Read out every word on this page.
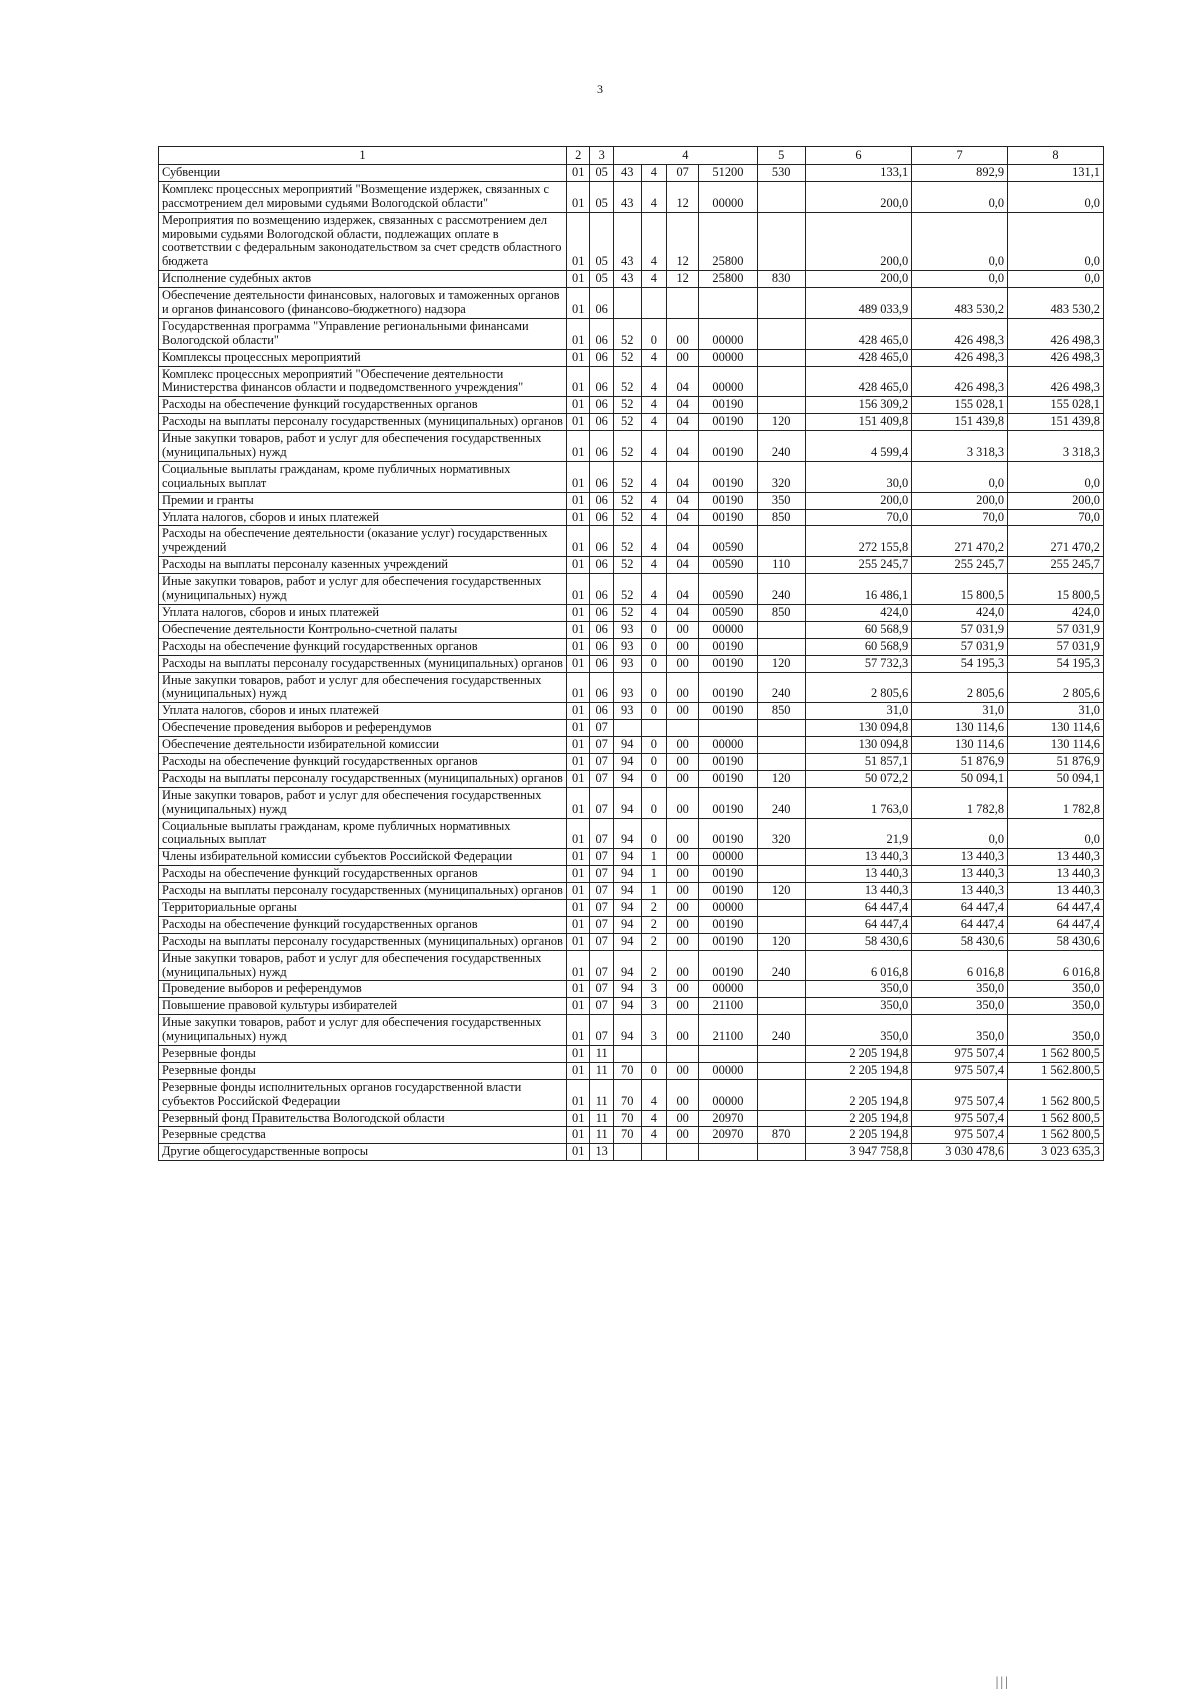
3
1	2	3	4				5	6	7	8
Субвенции	01	05	43	4	07	51200	530	133,1	892,9	131,1
Комплекс процессных мероприятий "Возмещение издержек, связанных с рассмотрением дел мировыми судьями Вологодской области"	01	05	43	4	12	00000		200,0	0,0	0,0
Мероприятия по возмещению издержек, связанных с рассмотрением дел мировыми судьями Вологодской области, подлежащих оплате в соответствии с федеральным законодательством за счет средств областного бюджета	01	05	43	4	12	25800		200,0	0,0	0,0
Исполнение судебных актов	01	05	43	4	12	25800	830	200,0	0,0	0,0
Обеспечение деятельности финансовых, налоговых и таможенных органов и органов финансового (финансово-бюджетного) надзора	01	06						489 033,9	483 530,2	483 530,2
Государственная программа "Управление региональными финансами Вологодской области"	01	06	52	0	00	00000		428 465,0	426 498,3	426 498,3
Комплексы процессных мероприятий	01	06	52	4	00	00000		428 465,0	426 498,3	426 498,3
Комплекс процессных мероприятий "Обеспечение деятельности Министерства финансов области и подведомственного учреждения"	01	06	52	4	04	00000		428 465,0	426 498,3	426 498,3
Расходы на обеспечение функций государственных органов	01	06	52	4	04	00190		156 309,2	155 028,1	155 028,1
Расходы на выплаты персоналу государственных (муниципальных) органов	01	06	52	4	04	00190	120	151 409,8	151 439,8	151 439,8
Иные закупки товаров, работ и услуг для обеспечения государственных (муниципальных) нужд	01	06	52	4	04	00190	240	4 599,4	3 318,3	3 318,3
Социальные выплаты гражданам, кроме публичных нормативных социальных выплат	01	06	52	4	04	00190	320	30,0	0,0	0,0
Премии и гранты	01	06	52	4	04	00190	350	200,0	200,0	200,0
Уплата налогов, сборов и иных платежей	01	06	52	4	04	00190	850	70,0	70,0	70,0
Расходы на обеспечение деятельности (оказание услуг) государственных учреждений	01	06	52	4	04	00590		272 155,8	271 470,2	271 470,2
Расходы на выплаты персоналу казенных учреждений	01	06	52	4	04	00590	110	255 245,7	255 245,7	255 245,7
Иные закупки товаров, работ и услуг для обеспечения государственных (муниципальных) нужд	01	06	52	4	04	00590	240	16 486,1	15 800,5	15 800,5
Уплата налогов, сборов и иных платежей	01	06	52	4	04	00590	850	424,0	424,0	424,0
Обеспечение деятельности Контрольно-счетной палаты	01	06	93	0	00	00000		60 568,9	57 031,9	57 031,9
Расходы на обеспечение функций государственных органов	01	06	93	0	00	00190		60 568,9	57 031,9	57 031,9
Расходы на выплаты персоналу государственных (муниципальных) органов	01	06	93	0	00	00190	120	57 732,3	54 195,3	54 195,3
Иные закупки товаров, работ и услуг для обеспечения государственных (муниципальных) нужд	01	06	93	0	00	00190	240	2 805,6	2 805,6	2 805,6
Уплата налогов, сборов и иных платежей	01	06	93	0	00	00190	850	31,0	31,0	31,0
Обеспечение проведения выборов и референдумов	01	07						130 094,8	130 114,6	130 114,6
Обеспечение деятельности избирательной комиссии	01	07	94	0	00	00000		130 094,8	130 114,6	130 114,6
Расходы на обеспечение функций государственных органов	01	07	94	0	00	00190		51 857,1	51 876,9	51 876,9
Расходы на выплаты персоналу государственных (муниципальных) органов	01	07	94	0	00	00190	120	50 072,2	50 094,1	50 094,1
Иные закупки товаров, работ и услуг для обеспечения государственных (муниципальных) нужд	01	07	94	0	00	00190	240	1 763,0	1 782,8	1 782,8
Социальные выплаты гражданам, кроме публичных нормативных социальных выплат	01	07	94	0	00	00190	320	21,9	0,0	0,0
Члены избирательной комиссии субъектов Российской Федерации	01	07	94	1	00	00000		13 440,3	13 440,3	13 440,3
Расходы на обеспечение функций государственных органов	01	07	94	1	00	00190		13 440,3	13 440,3	13 440,3
Расходы на выплаты персоналу государственных (муниципальных) органов	01	07	94	1	00	00190	120	13 440,3	13 440,3	13 440,3
Территориальные органы	01	07	94	2	00	00000		64 447,4	64 447,4	64 447,4
Расходы на обеспечение функций государственных органов	01	07	94	2	00	00190		64 447,4	64 447,4	64 447,4
Расходы на выплаты персоналу государственных (муниципальных) органов	01	07	94	2	00	00190	120	58 430,6	58 430,6	58 430,6
Иные закупки товаров, работ и услуг для обеспечения государственных (муниципальных) нужд	01	07	94	2	00	00190	240	6 016,8	6 016,8	6 016,8
Проведение выборов и референдумов	01	07	94	3	00	00000		350,0	350,0	350,0
Повышение правовой культуры избирателей	01	07	94	3	00	21100		350,0	350,0	350,0
Иные закупки товаров, работ и услуг для обеспечения государственных (муниципальных) нужд	01	07	94	3	00	21100	240	350,0	350,0	350,0
Резервные фонды	01	11						2 205 194,8	975 507,4	1 562 800,5
Резервные фонды	01	11	70	0	00	00000		2 205 194,8	975 507,4	1 562.800,5
Резервные фонды исполнительных органов государственной власти субъектов Российской Федерации	01	11	70	4	00	00000		2 205 194,8	975 507,4	1 562 800,5
Резервный фонд Правительства Вологодской области	01	11	70	4	00	20970		2 205 194,8	975 507,4	1 562 800,5
Резервные средства	01	11	70	4	00	20970	870	2 205 194,8	975 507,4	1 562 800,5
Другие общегосударственные вопросы	01	13						3 947 758,8	3 030 478,6	3 023 635,3
|||
